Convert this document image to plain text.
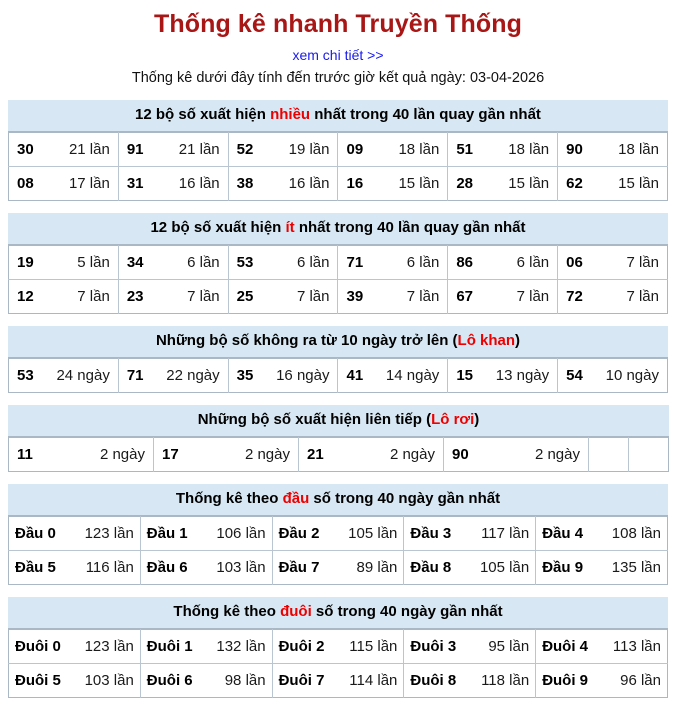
Thống kê nhanh Truyền Thống
xem chi tiết >>
Thống kê dưới đây tính đến trước giờ kết quả ngày: 03-04-2026
12 bộ số xuất hiện nhiều nhất trong 40 lần quay gần nhất
30 21 lần	91 21 lần	52 19 lần	09 18 lần	51 18 lần	90 18 lần

08 17 lần	31 16 lần	38 16 lần	16 15 lần	28 15 lần	62 15 lần
12 bộ số xuất hiện ít nhất trong 40 lần quay gần nhất
19 5 lần	34 6 lần	53 6 lần	71 6 lần	86 6 lần	06 7 lần

12 7 lần	23 7 lần	25 7 lần	39 7 lần	67 7 lần	72 7 lần
Những bộ số không ra từ 10 ngày trở lên (Lô khan)
53	24 ngày	71	22 ngày	35	16 ngày	41	14 ngày	15	13 ngày	54	10 ngày
Những bộ số xuất hiện liên tiếp (Lô rơi)
11	2 ngày	17	2 ngày	21	2 ngày	90	2 ngày

Thống kê theo đầu số trong 40 ngày gần nhất
Đầu 0 123 lần	Đầu 1 106 lần	Đầu 2 105 lần	Đầu 3 117 lần	Đầu 4 108 lần

Đầu 5 116 lần	Đầu 6 103 lần	Đầu 7 89 lần	Đầu 8 105 lần	Đầu 9 135 lần
Thống kê theo đuôi số trong 40 ngày gần nhất
Đuôi 0 123 lần	Đuôi 1 132 lần	Đuôi 2 115 lần	Đuôi 3 95 lần	Đuôi 4 113 lần

Đuôi 5 103 lần	Đuôi 6 98 lần	Đuôi 7 114 lần	Đuôi 8 118 lần	Đuôi 9 96 lần
